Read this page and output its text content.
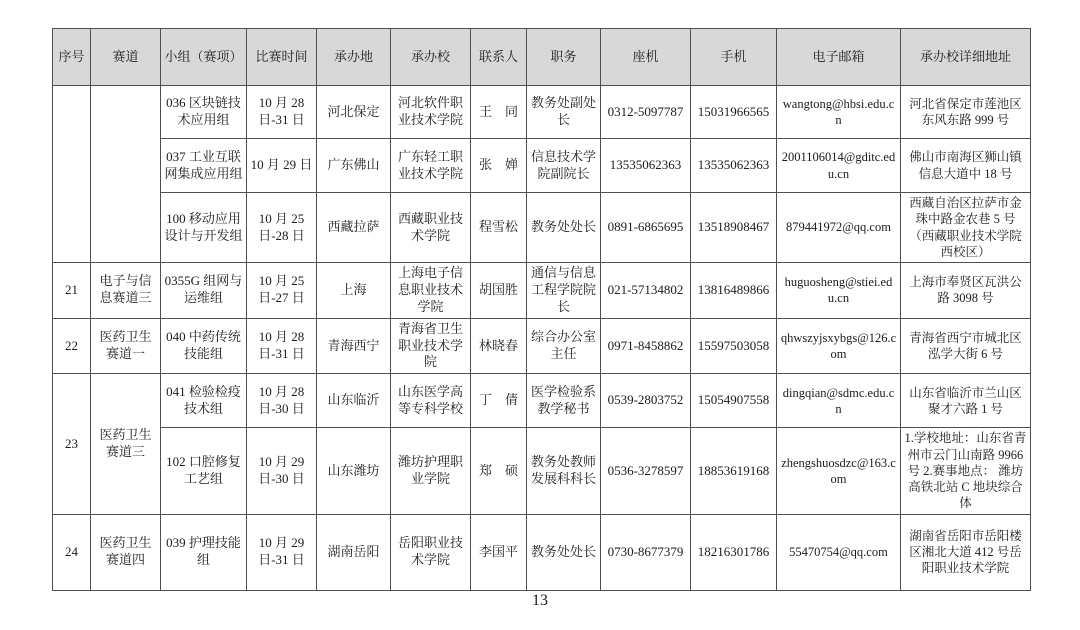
序号	赛道	小组（赛项）	比赛时间	承办地	承办校	联系人	职务	座机	手机	电子邮箱	承办校详细地址
		036 区块链技术应用组	10 月 28 日-31 日	河北保定	河北软件职业技术学院	王　同	教务处副处长	0312-5097787	15031966565	wangtong@hbsi.edu.cn	河北省保定市莲池区东风东路 999 号
		037 工业互联网集成应用组	10 月 29 日	广东佛山	广东轻工职业技术学院	张　婵	信息技术学院副院长	13535062363	13535062363	2001106014@gditc.edu.cn	佛山市南海区狮山镇信息大道中 18 号
		100 移动应用设计与开发组	10 月 25 日-28 日	西藏拉萨	西藏职业技术学院	程雪松	教务处处长	0891-6865695	13518908467	879441972@qq.com	西藏自治区拉萨市金珠中路金农巷 5 号（西藏职业技术学院西校区）
21	电子与信息赛道三	0355G 组网与运维组	10 月 25 日-27 日	上海	上海电子信息职业技术学院	胡国胜	通信与信息工程学院院长	021-57134802	13816489866	huguosheng@stiei.edu.cn	上海市奉贤区瓦洪公路 3098 号
22	医药卫生赛道一	040 中药传统技能组	10 月 28 日-31 日	青海西宁	青海省卫生职业技术学院	林晓春	综合办公室主任	0971-8458862	15597503058	qhwszyjsxybgs@126.com	青海省西宁市城北区泓学大街 6 号
23	医药卫生赛道三	041 检验检疫技术组	10 月 28 日-30 日	山东临沂	山东医学高等专科学校	丁　倩	医学检验系教学秘书	0539-2803752	15054907558	dingqian@sdmc.edu.cn	山东省临沂市兰山区聚才六路 1 号
		102 口腔修复工艺组	10 月 29 日-30 日	山东潍坊	潍坊护理职业学院	郑　硕	教务处教师发展科科长	0536-3278597	18853619168	zhengshuosdzc@163.com	1.学校地址：山东省青州市云门山南路 9966 号 2.赛事地点： 潍坊高铁北站 C 地块综合体
24	医药卫生赛道四	039 护理技能组	10 月 29 日-31 日	湖南岳阳	岳阳职业技术学院	李国平	教务处处长	0730-8677379	18216301786	55470754@qq.com	湖南省岳阳市岳阳楼区湘北大道 412 号岳阳职业技术学院
13
